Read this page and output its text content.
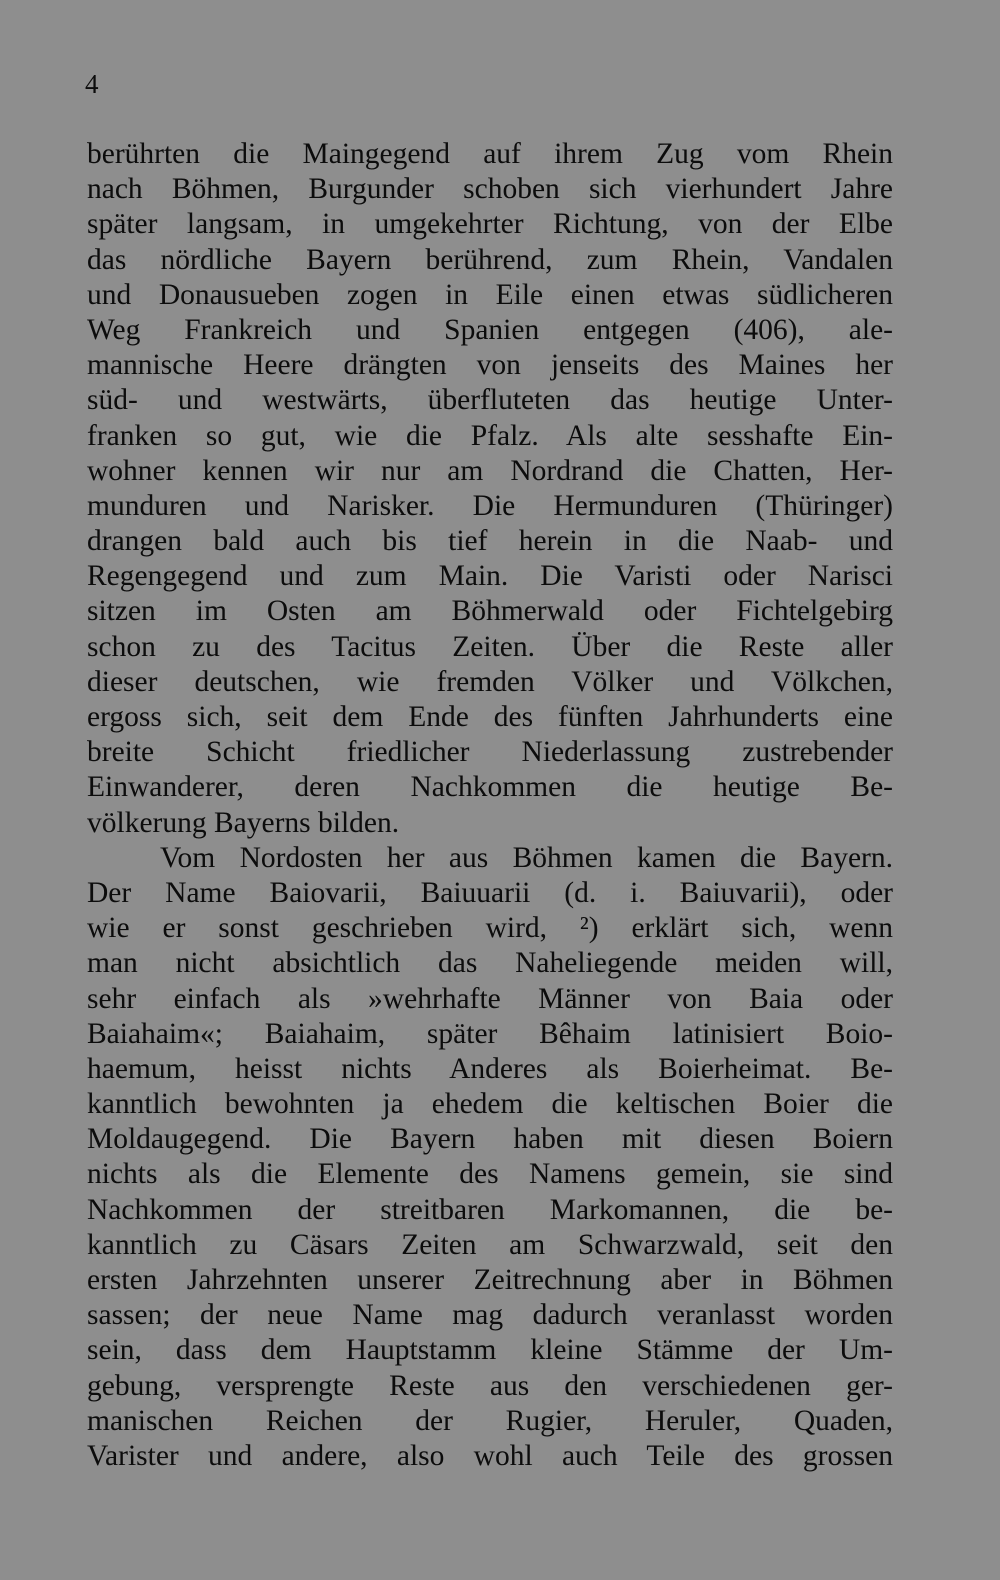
4
berührten die Maingegend auf ihrem Zug vom Rhein
nach Böhmen, Burgunder schoben sich vierhundert Jahre
später langsam, in umgekehrter Richtung, von der Elbe
das nördliche Bayern berührend, zum Rhein, Vandalen
und Donausueben zogen in Eile einen etwas südlicheren
Weg Frankreich und Spanien entgegen (406), ale-
mannische Heere drängten von jenseits des Maines her
süd- und westwärts, überfluteten das heutige Unter-
franken so gut, wie die Pfalz. Als alte sesshafte Ein-
wohner kennen wir nur am Nordrand die Chatten, Her-
munduren und Narisker. Die Hermunduren (Thüringer)
drangen bald auch bis tief herein in die Naab- und
Regengegend und zum Main. Die Varisti oder Narisci
sitzen im Osten am Böhmerwald oder Fichtelgebirg
schon zu des Tacitus Zeiten. Über die Reste aller
dieser deutschen, wie fremden Völker und Völkchen,
ergoss sich, seit dem Ende des fünften Jahrhunderts eine
breite Schicht friedlicher Niederlassung zustrebender
Einwanderer, deren Nachkommen die heutige Be-
völkerung Bayerns bilden.
Vom Nordosten her aus Böhmen kamen die Bayern.
Der Name Baiovarii, Baiuuarii (d. i. Baiuvarii), oder
wie er sonst geschrieben wird, ²) erklärt sich, wenn
man nicht absichtlich das Naheliegende meiden will,
sehr einfach als »wehrhafte Männer von Baia oder
Baiahaim«; Baiahaim, später Bêhaim latinisiert Boio-
haemum, heisst nichts Anderes als Boierheimat. Be-
kanntlich bewohnten ja ehedem die keltischen Boier die
Moldaugegend. Die Bayern haben mit diesen Boiern
nichts als die Elemente des Namens gemein, sie sind
Nachkommen der streitbaren Markomannen, die be-
kanntlich zu Cäsars Zeiten am Schwarzwald, seit den
ersten Jahrzehnten unserer Zeitrechnung aber in Böhmen
sassen; der neue Name mag dadurch veranlasst worden
sein, dass dem Hauptstamm kleine Stämme der Um-
gebung, versprengte Reste aus den verschiedenen ger-
manischen Reichen der Rugier, Heruler, Quaden,
Varister und andere, also wohl auch Teile des grossen
